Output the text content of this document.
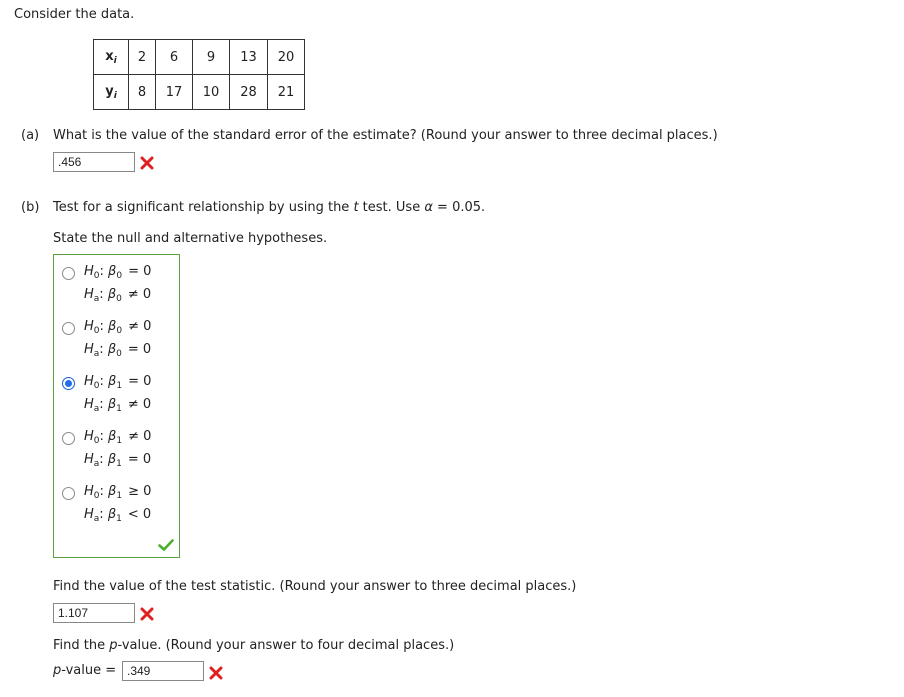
Consider the data.
$x_i$	2	6	9	13	20
$y_i$	8	17	10	28	21
(a) What is the value of the standard error of the estimate? (Round your answer to three decimal places.)
.456
(b) Test for a significant relationship by using the t test. Use α = 0.05.
State the null and alternative hypotheses.
$H_0$: $\beta_0 = 0$
$H_a$: $\beta_0 \ne 0$
$H_0$: $\beta_0 \ne 0$
$H_a$: $\beta_0 = 0$
$H_0$: $\beta_1 = 0$
$H_a$: $\beta_1 \ne 0$
$H_0$: $\beta_1 \ne 0$
$H_a$: $\beta_1 = 0$
$H_0$: $\beta_1 \ge 0$
$H_a$: $\beta_1 < 0$
Find the value of the test statistic. (Round your answer to three decimal places.)
1.107
Find the p-value. (Round your answer to four decimal places.)
p-value = .349
